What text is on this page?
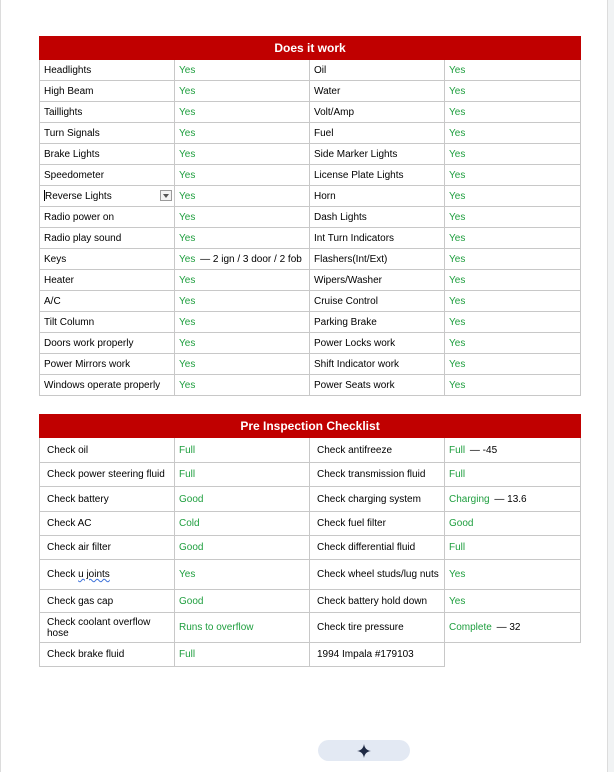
Does it work			
Headlights	Yes	Oil	Yes
High Beam	Yes	Water	Yes
Taillights	Yes	Volt/Amp	Yes
Turn Signals	Yes	Fuel	Yes
Brake Lights	Yes	Side Marker Lights	Yes
Speedometer	Yes	License Plate Lights	Yes
Reverse Lights	Yes	Horn	Yes
Radio power on	Yes	Dash Lights	Yes
Radio play sound	Yes	Int Turn Indicators	Yes
Keys	Yes — 2 ign / 3 door / 2 fob	Flashers(Int/Ext)	Yes
Heater	Yes	Wipers/Washer	Yes
A/C	Yes	Cruise Control	Yes
Tilt Column	Yes	Parking Brake	Yes
Doors work properly	Yes	Power Locks work	Yes
Power Mirrors work	Yes	Shift Indicator work	Yes
Windows operate properly	Yes	Power Seats work	Yes
Pre Inspection Checklist			
Check oil	Full	Check antifreeze	Full — -45
Check power steering fluid	Full	Check transmission fluid	Full
Check battery	Good	Check charging system	Charging — 13.6
Check AC	Cold	Check fuel filter	Good
Check air filter	Good	Check differential fluid	Full
Check u joints	Yes	Check wheel studs/lug nuts	Yes
Check gas cap	Good	Check battery hold down	Yes
Check coolant overflow hose	Runs to overflow	Check tire pressure	Complete — 32
Check brake fluid	Full	1994 Impala #179103	
